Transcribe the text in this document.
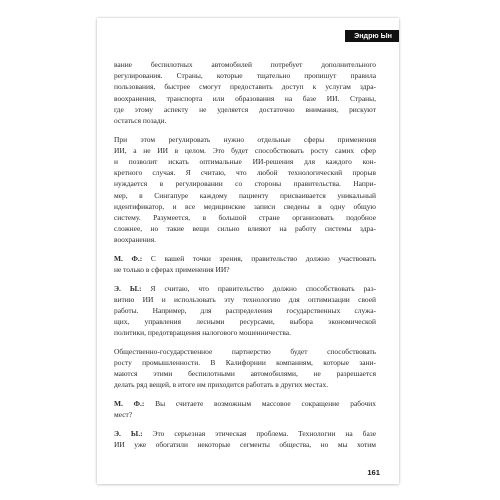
Эндрю Ын
вание беспилотных автомобилей потребует дополнительного
регулирования. Страны, которые тщательно пропишут правила
пользования, быстрее смогут предоставить доступ к услугам здра-
воохранения, транспорта или образования на базе ИИ. Страны,
где этому аспекту не уделяется достаточно внимания, рискуют
остаться позади.
При этом регулировать нужно отдельные сферы применения
ИИ, а не ИИ в целом. Это будет способствовать росту самих сфер
и позволит искать оптимальные ИИ-решения для каждого кон-
кретного случая. Я считаю, что любой технологический прорыв
нуждается в регулировании со стороны правительства. Напри-
мер, в Сингапуре каждому пациенту присваивается уникальный
идентификатор, и все медицинские записи сведены в одну общую
систему. Разумеется, в большой стране организовать подобное
сложнее, но такие вещи сильно влияют на работу системы здра-
воохранения.
М. Ф.: С вашей точки зрения, правительство должно участвовать
не только в сферах применения ИИ?
Э. Ы.: Я считаю, что правительство должно способствовать раз-
витию ИИ и использовать эту технологию для оптимизации своей
работы. Например, для распределения государственных служа-
щих, управления лесными ресурсами, выбора экономической
политики, предотвращения налогового мошенничества.
Общественно-государственное партнерство будет способствовать
росту промышленности. В Калифорнии компаниям, которые зани-
маются этими беспилотными автомобилями, не разрешается
делать ряд вещей, в итоге им приходится работать в других местах.
М. Ф.: Вы считаете возможным массовое сокращение рабочих
мест?
Э. Ы.: Это серьезная этическая проблема. Технологии на базе
ИИ уже обогатили некоторые сегменты общества, но мы хотим
161
